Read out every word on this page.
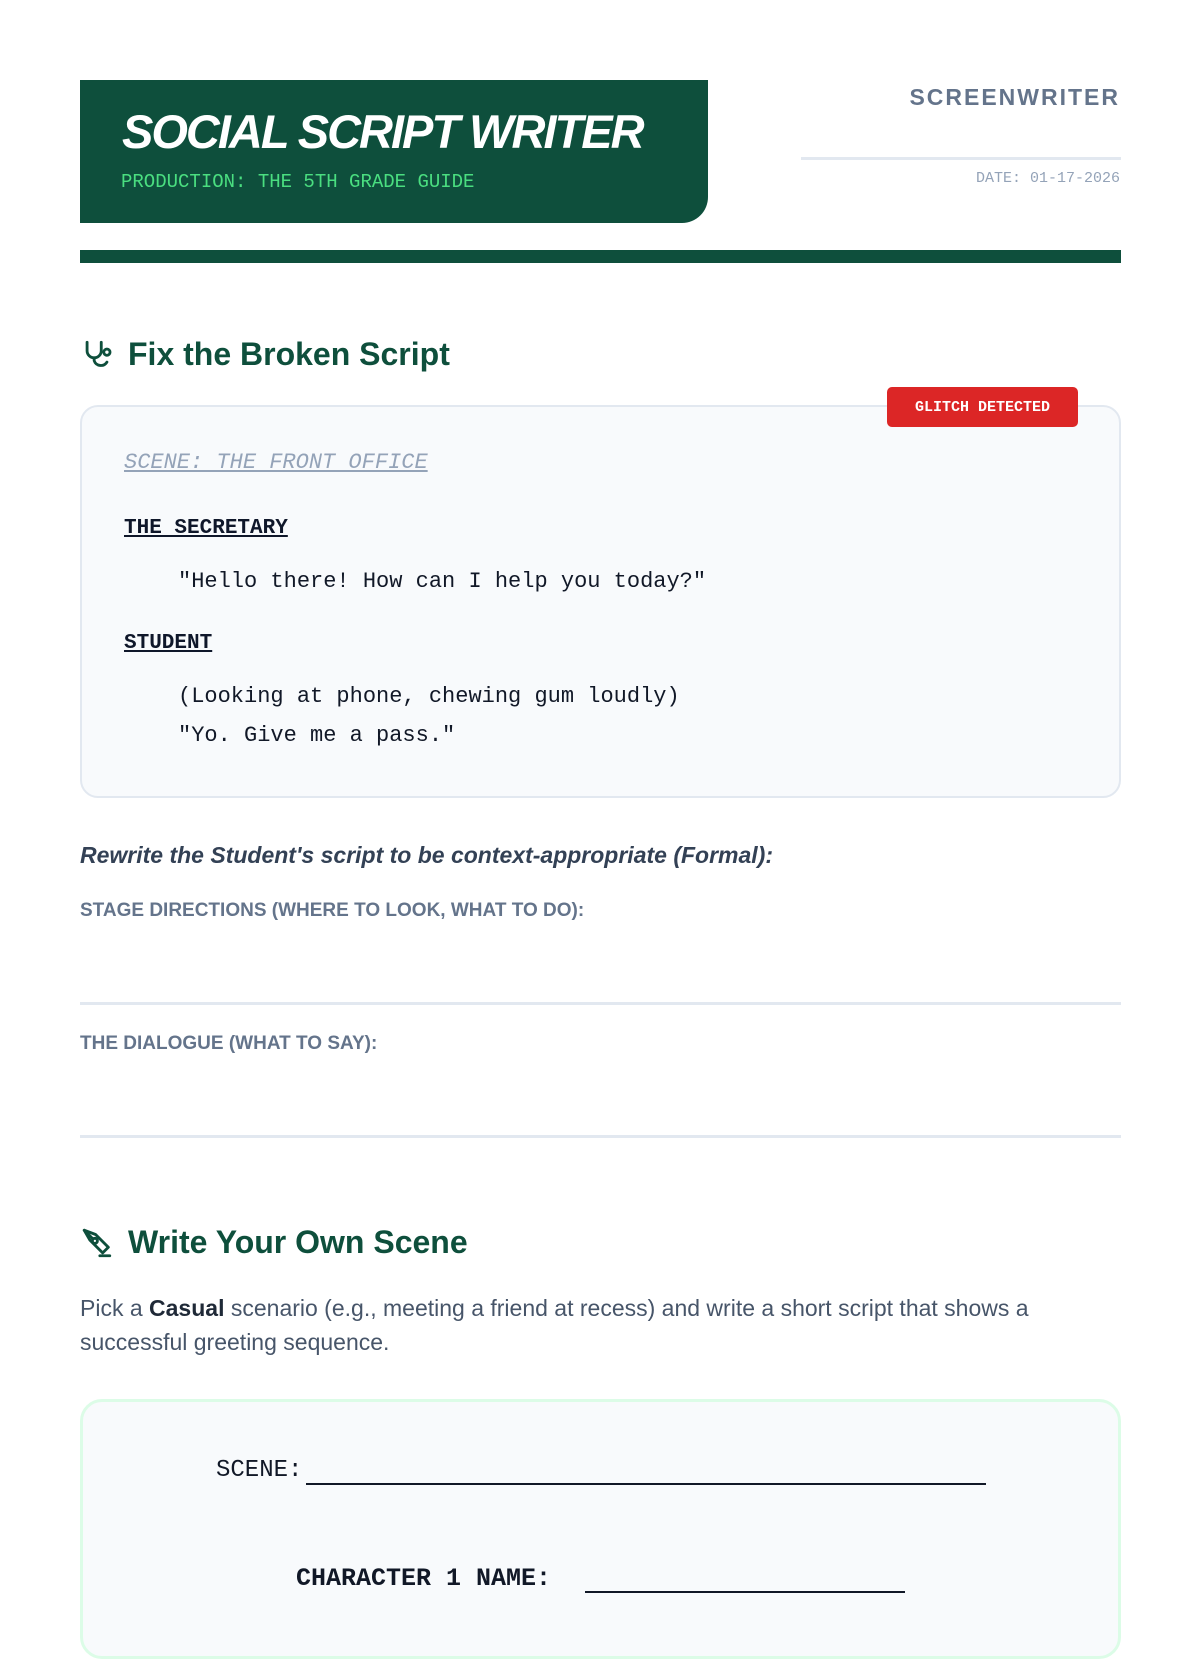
SOCIAL SCRIPT WRITER
PRODUCTION: THE 5TH GRADE GUIDE
SCREENWRITER
DATE: 01-17-2026
Fix the Broken Script
GLITCH DETECTED
SCENE: THE FRONT OFFICE
THE SECRETARY
"Hello there! How can I help you today?"
STUDENT
(Looking at phone, chewing gum loudly)
"Yo. Give me a pass."
Rewrite the Student's script to be context-appropriate (Formal):
STAGE DIRECTIONS (WHERE TO LOOK, WHAT TO DO):
THE DIALOGUE (WHAT TO SAY):
Write Your Own Scene
Pick a Casual scenario (e.g., meeting a friend at recess) and write a short script that shows a successful greeting sequence.
SCENE:
CHARACTER 1 NAME:
